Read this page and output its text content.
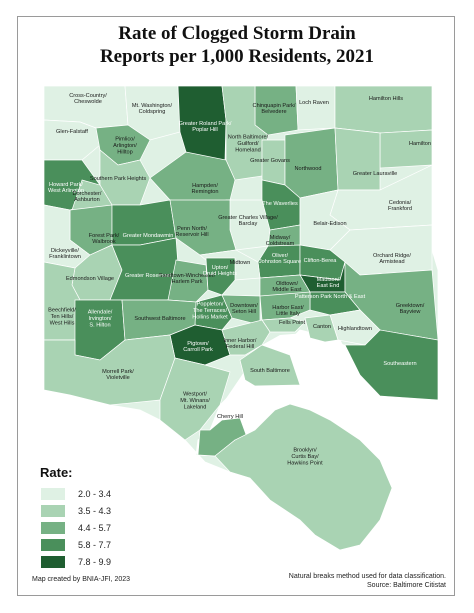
Rate of Clogged Storm Drain
Reports per 1,000 Residents, 2021
Cross-Country/ Cheswolde
Mt. Washington/ Coldspring
Greater Roland Park/ Poplar Hill
Chinquapin Park/ Belvedere
Loch Raven
Hamilton Hills
Glen-Falstaff
North Baltimore/ Guilford/ Homeland
Hamilton
Pimlico/ Arlington/ Hilltop
Greater Govans
Northwood
Greater Lauraville
Southern Park Heights
Howard Park/ West Arlington
Dorchester/ Ashburton
Hampden/ Remington
Cedonia/ Frankford
The Waverlies
Greater Charles Village/ Barclay	Belair-Edison
Forest Park/ Walbrook
Greater Mondawmin
Penn North/ Reservoir Hill	Midway/ Coldstream
Dickeyville/ Franklintown	Orchard Ridge/ Armistead
Oliver/ Johnston Square Clifton-Berea
Midtown
Edmondson Village Greater Rosemont
Sandtown-Winchester/ Harlem Park
Upton/ Druid Heights
Madison/ East End
Oldtown/ Middle East
Greektown/ Bayview
Beechfield/ Ten Hills/ West Hills
Poppleton/ The Terraces/ Hollins Market
Downtown/ Seton Hill
Patterson Park North & East
Allendale/ Irvington/ S. Hilton
Southwest Baltimore
Harbor East/ Little Italy
Highlandtown
Fells Point
Canton
Pigtown/ Carroll Park
Inner Harbor/ Federal Hill
South Baltimore
Southeastern
Morrell Park/ Violetville
Westport/ Mt. Winans/ Lakeland
Cherry Hill
Brooklyn/ Curtis Bay/ Hawkins Point
Rate:
2.0 - 3.4
3.5 - 4.3
4.4 - 5.7
5.8 - 7.7
7.8 - 9.9
Map created by BNIA-JFI, 2023	Natural breaks method used for data classification.
Source: Baltimore Citistat
